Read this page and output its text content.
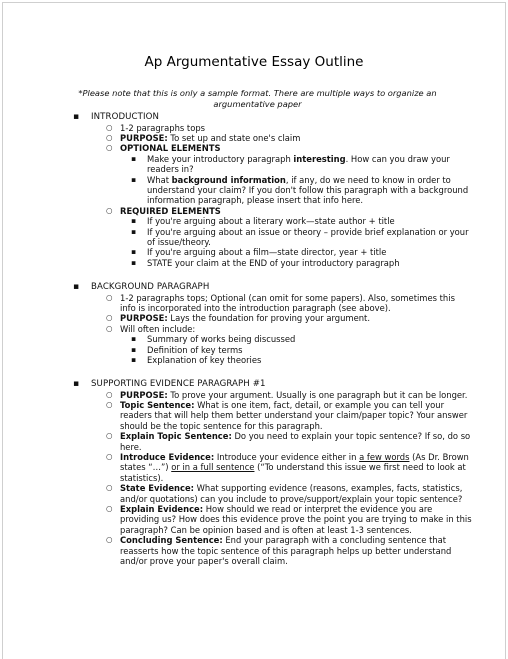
Ap Argumentative Essay Outline
*Please note that this is only a sample format. There are multiple ways to organize an argumentative paper
▪	INTRODUCTION
○ 1-2 paragraphs tops
○ PURPOSE: To set up and state one's claim
○ OPTIONAL ELEMENTS
▪	Make your introductory paragraph interesting. How can you draw your readers in?
▪	What background information, if any, do we need to know in order to understand your claim? If you don't follow this paragraph with a background information paragraph, please insert that info here.
○ REQUIRED ELEMENTS
▪	If you're arguing about a literary work—state author + title
▪	If you're arguing about an issue or theory – provide brief explanation or your of issue/theory.
▪	If you're arguing about a film—state director, year + title
▪	STATE your claim at the END of your introductory paragraph
▪	BACKGROUND PARAGRAPH
○ 1-2 paragraphs tops; Optional (can omit for some papers). Also, sometimes this info is incorporated into the introduction paragraph (see above).
○ PURPOSE: Lays the foundation for proving your argument.
○ Will often include:
▪	Summary of works being discussed
▪	Definition of key terms
▪	Explanation of key theories
▪	SUPPORTING EVIDENCE PARAGRAPH #1
○ PURPOSE: To prove your argument. Usually is one paragraph but it can be longer.
○ Topic Sentence: What is one item, fact, detail, or example you can tell your readers that will help them better understand your claim/paper topic? Your answer should be the topic sentence for this paragraph.
○ Explain Topic Sentence: Do you need to explain your topic sentence? If so, do so here.
○ Introduce Evidence: Introduce your evidence either in a few words (As Dr. Brown states “…”) or in a full sentence (“To understand this issue we first need to look at statistics).
○ State Evidence: What supporting evidence (reasons, examples, facts, statistics, and/or quotations) can you include to prove/support/explain your topic sentence?
○ Explain Evidence: How should we read or interpret the evidence you are providing us? How does this evidence prove the point you are trying to make in this paragraph? Can be opinion based and is often at least 1-3 sentences.
○ Concluding Sentence: End your paragraph with a concluding sentence that reasserts how the topic sentence of this paragraph helps up better understand and/or prove your paper's overall claim.
